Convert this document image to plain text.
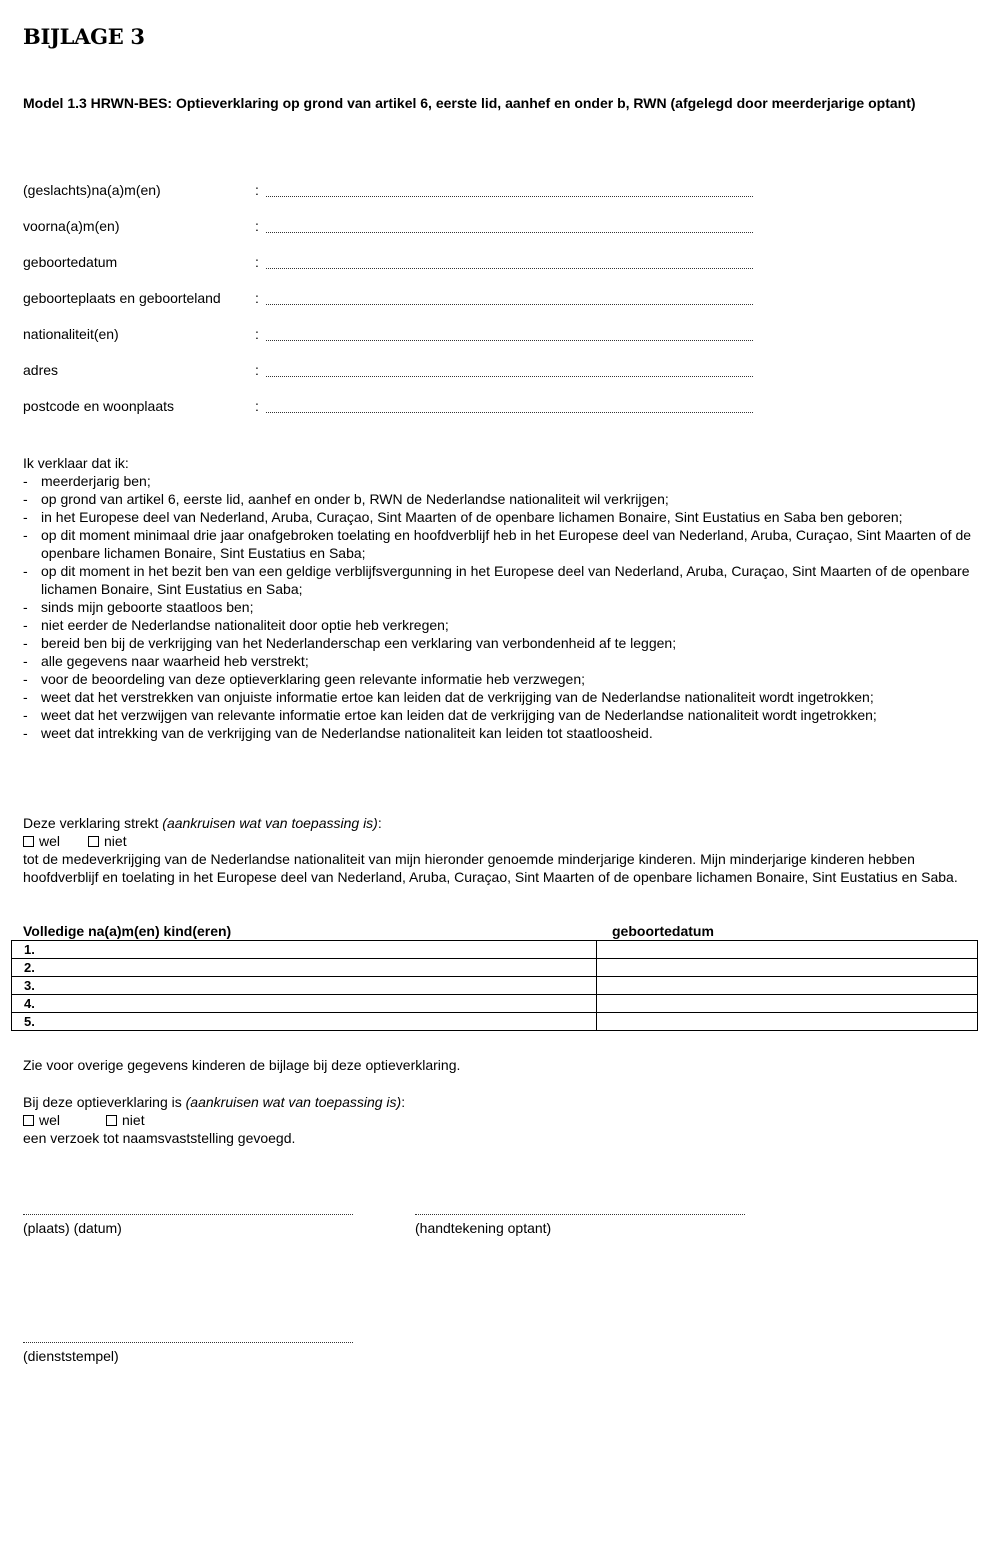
BIJLAGE 3
Model 1.3 HRWN-BES: Optieverklaring op grond van artikel 6, eerste lid, aanhef en onder b, RWN (afgelegd door meerderjarige optant)
(geslachts)na(a)m(en)	:
voorna(a)m(en)	:
geboortedatum	:
geboorteplaats en geboorteland :
nationaliteit(en)	:
adres	:
postcode en woonplaats	:

Ik verklaar dat ik:

- meerderjarig ben;
- op grond van artikel 6, eerste lid, aanhef en onder b, RWN de Nederlandse nationaliteit wil verkrijgen;
- in het Europese deel van Nederland, Aruba, Curaçao, Sint Maarten of de openbare lichamen Bonaire, Sint Eustatius en Saba ben geboren;
- op dit moment minimaal drie jaar onafgebroken toelating en hoofdverblijf heb in het Europese deel van Nederland, Aruba, Curaçao, Sint Maarten of de openbare lichamen Bonaire, Sint Eustatius en Saba;
- op dit moment in het bezit ben van een geldige verblijfsvergunning in het Europese deel van Nederland, Aruba, Curaçao, Sint Maarten of de openbare lichamen Bonaire, Sint Eustatius en Saba;
- sinds mijn geboorte staatloos ben;
- niet eerder de Nederlandse nationaliteit door optie heb verkregen;
- bereid ben bij de verkrijging van het Nederlanderschap een verklaring van verbondenheid af te leggen;
- alle gegevens naar waarheid heb verstrekt;
- voor de beoordeling van deze optieverklaring geen relevante informatie heb verzwegen;
- weet dat het verstrekken van onjuiste informatie ertoe kan leiden dat de verkrijging van de Nederlandse nationaliteit wordt ingetrokken;
- weet dat het verzwijgen van relevante informatie ertoe kan leiden dat de verkrijging van de Nederlandse nationaliteit wordt ingetrokken;
- weet dat intrekking van de verkrijging van de Nederlandse nationaliteit kan leiden tot staatloosheid.
Deze verklaring strekt (aankruisen wat van toepassing is):
wel	niet
tot de medeverkrijging van de Nederlandse nationaliteit van mijn hieronder genoemde minderjarige kinderen. Mijn minderjarige kinderen hebben hoofdverblijf en toelating in het Europese deel van Nederland, Aruba, Curaçao, Sint Maarten of de openbare lichamen Bonaire, Sint Eustatius en Saba.
Volledige na(a)m(en) kind(eren)	geboortedatum
1.	
2.	
3.	
4.	
5.	
Zie voor overige gegevens kinderen de bijlage bij deze optieverklaring.
Bij deze optieverklaring is (aankruisen wat van toepassing is):
wel	niet
een verzoek tot naamsvaststelling gevoegd.
(plaats) (datum)	(handtekening optant)
(dienststempel)
